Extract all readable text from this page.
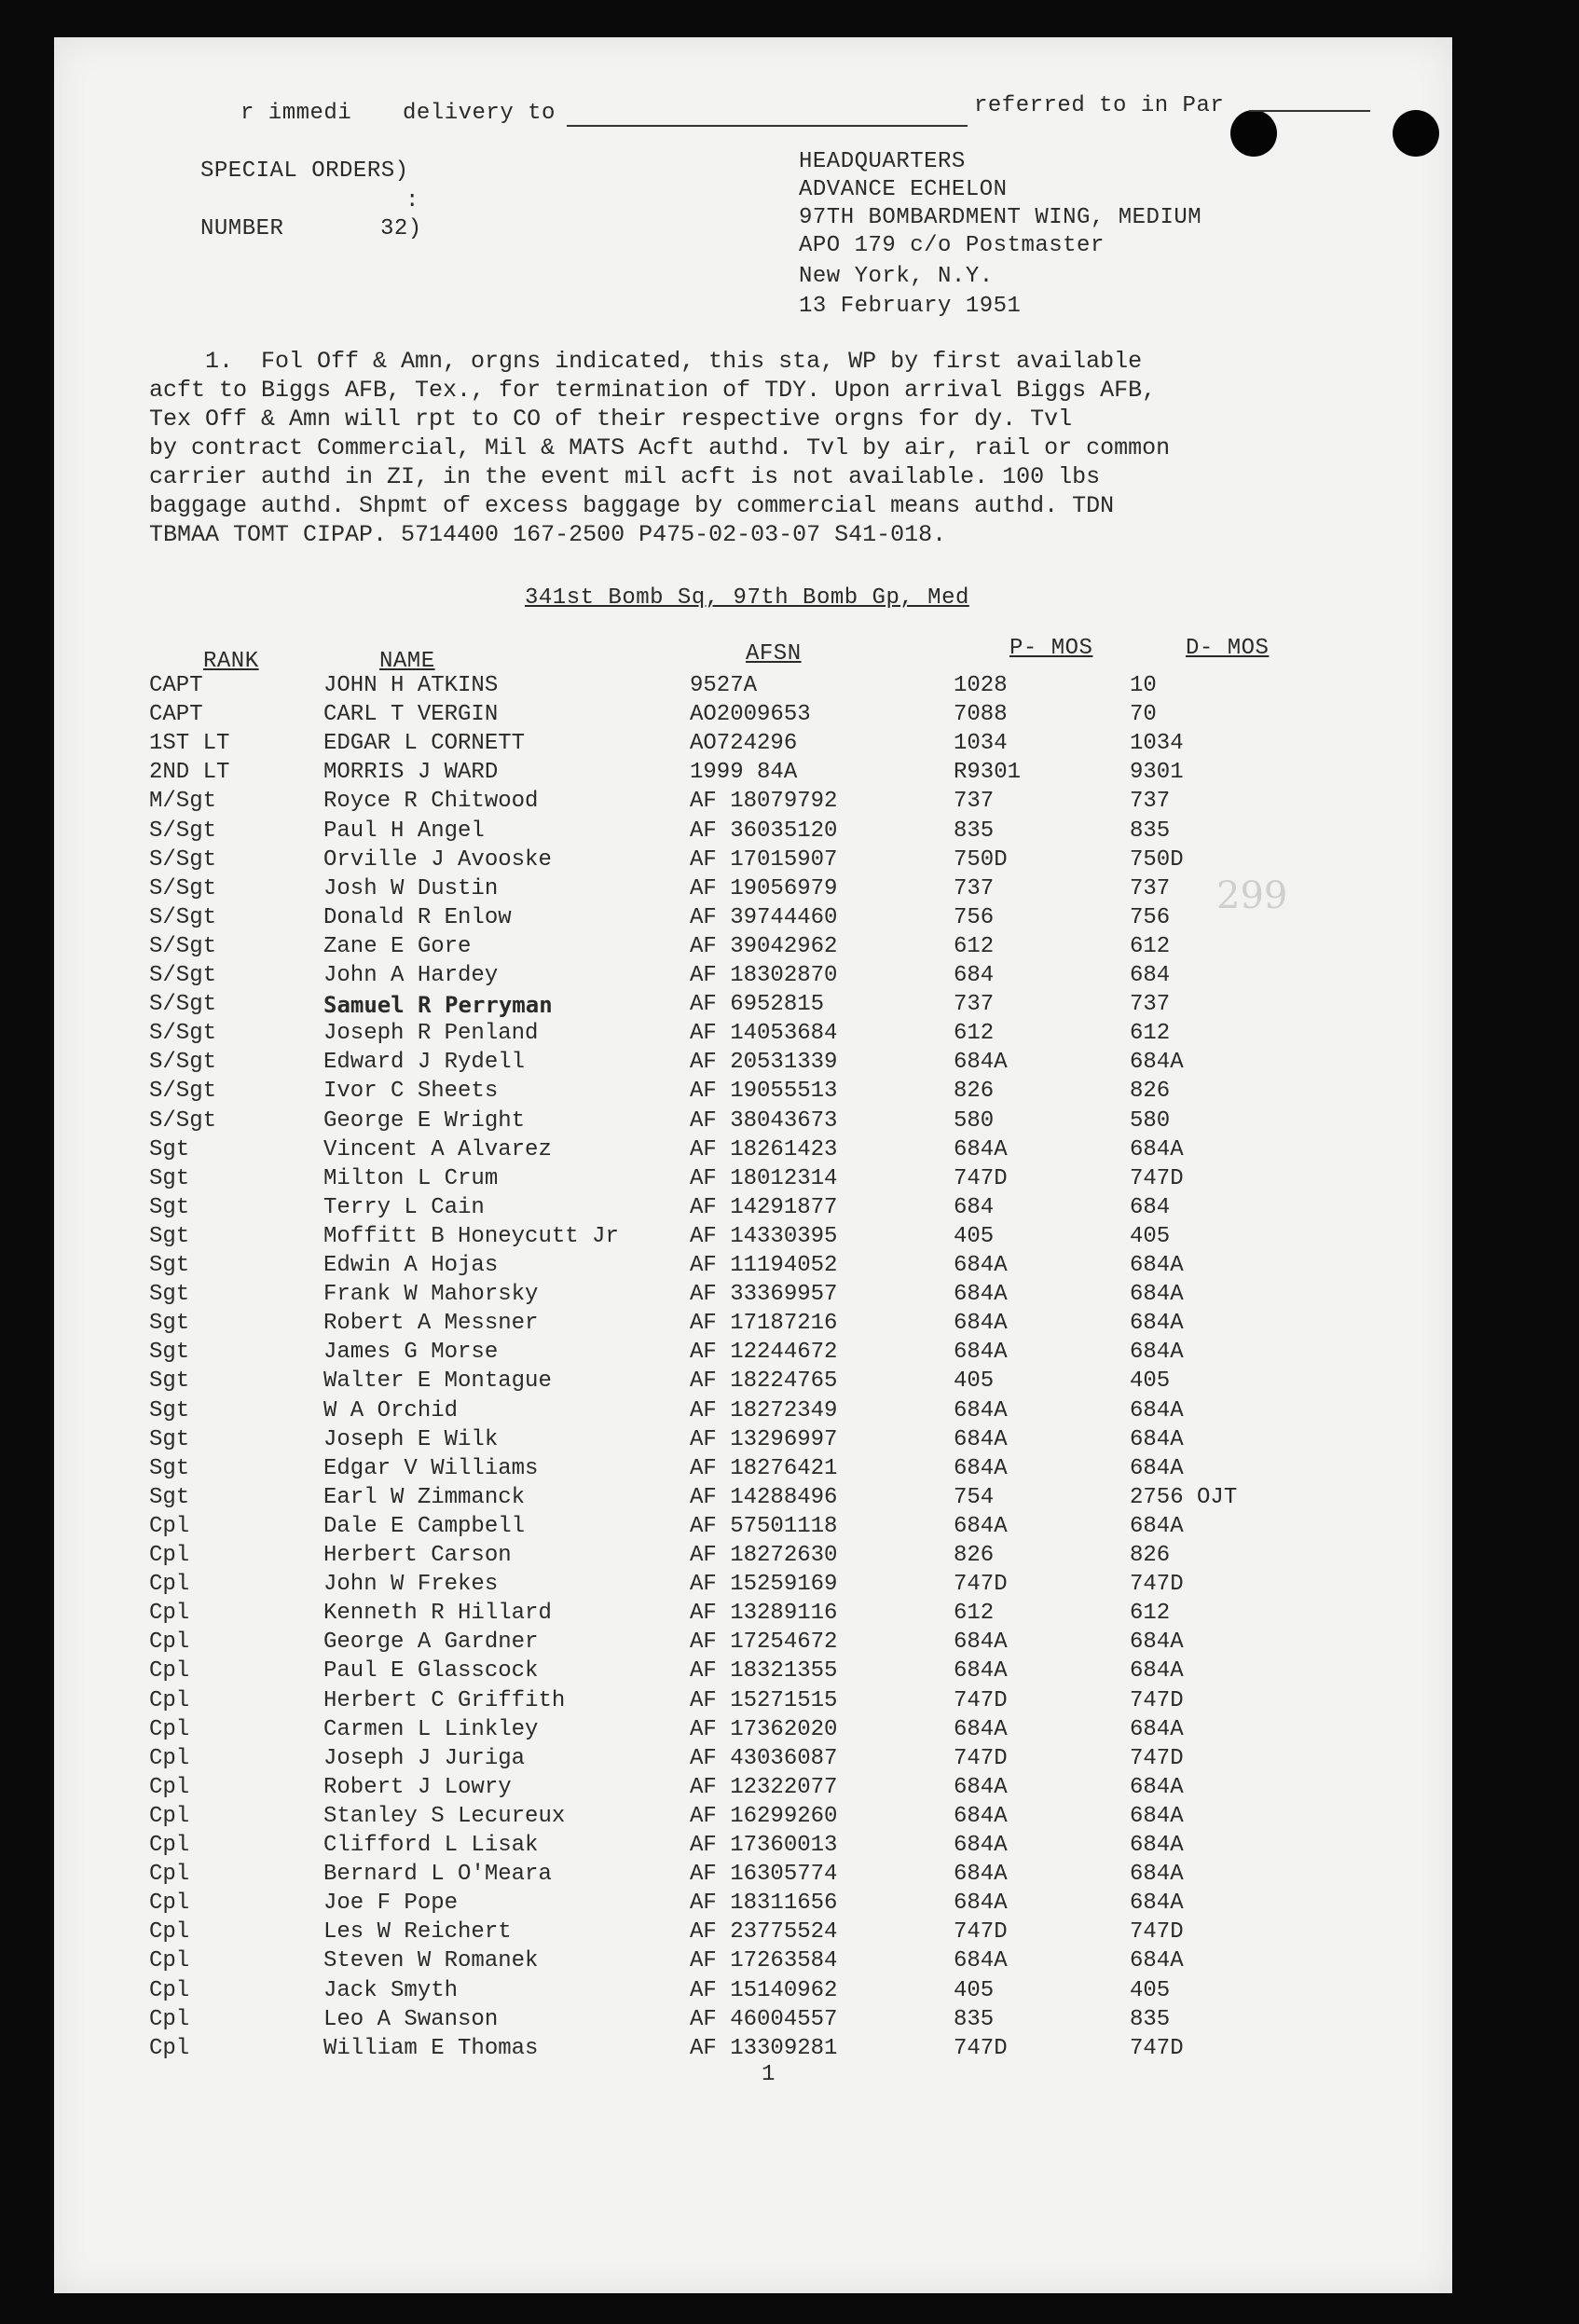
r immedi delivery to	referred to in Par
SPECIAL ORDERS)
:
NUMBER	32)
HEADQUARTERS
ADVANCE ECHELON
97TH BOMBARDMENT WING, MEDIUM
APO 179 c/o Postmaster
New York, N.Y.
13 February 1951
1.  Fol Off & Amn, orgns indicated, this sta, WP by first available
acft to Biggs AFB, Tex., for termination of TDY. Upon arrival Biggs AFB,
Tex Off & Amn will rpt to CO of their respective orgns for dy. Tvl
by contract Commercial, Mil & MATS Acft authd. Tvl by air, rail or common
carrier authd in ZI, in the event mil acft is not available. 100 lbs
baggage authd. Shpmt of excess baggage by commercial means authd. TDN
TBMAA TOMT CIPAP. 5714400 167-2500 P475-02-03-07 S41-018.
341st Bomb Sq, 97th Bomb Gp, Med
RANK	NAME	AFSN	P- MOS	D- MOS
CAPT	JOHN H ATKINS	9527A	1028	10
CAPT	CARL T VERGIN	AO2009653	7088	70
1ST LT	EDGAR L CORNETT	AO724296	1034	1034
2ND LT	MORRIS J WARD	1999 84A	R9301	9301
M/Sgt	Royce R Chitwood	AF 18079792	737	737
S/Sgt	Paul H Angel	AF 36035120	835	835
S/Sgt	Orville J Avooske	AF 17015907	750D	750D
S/Sgt	Josh W Dustin	AF 19056979	737	737
S/Sgt	Donald R Enlow	AF 39744460	756	756
S/Sgt	Zane E Gore	AF 39042962	612	612
S/Sgt	John A Hardey	AF 18302870	684	684
S/Sgt	Samuel R Perryman	AF 6952815	737	737
S/Sgt	Joseph R Penland	AF 14053684	612	612
S/Sgt	Edward J Rydell	AF 20531339	684A	684A
S/Sgt	Ivor C Sheets	AF 19055513	826	826
S/Sgt	George E Wright	AF 38043673	580	580
Sgt	Vincent A Alvarez	AF 18261423	684A	684A
Sgt	Milton L Crum	AF 18012314	747D	747D
Sgt	Terry L Cain	AF 14291877	684	684
Sgt	Moffitt B Honeycutt Jr	AF 14330395	405	405
Sgt	Edwin A Hojas	AF 11194052	684A	684A
Sgt	Frank W Mahorsky	AF 33369957	684A	684A
Sgt	Robert A Messner	AF 17187216	684A	684A
Sgt	James G Morse	AF 12244672	684A	684A
Sgt	Walter E Montague	AF 18224765	405	405
Sgt	W A Orchid	AF 18272349	684A	684A
Sgt	Joseph E Wilk	AF 13296997	684A	684A
Sgt	Edgar V Williams	AF 18276421	684A	684A
Sgt	Earl W Zimmanck	AF 14288496	754	2756 OJT
Cpl	Dale E Campbell	AF 57501118	684A	684A
Cpl	Herbert Carson	AF 18272630	826	826
Cpl	John W Frekes	AF 15259169	747D	747D
Cpl	Kenneth R Hillard	AF 13289116	612	612
Cpl	George A Gardner	AF 17254672	684A	684A
Cpl	Paul E Glasscock	AF 18321355	684A	684A
Cpl	Herbert C Griffith	AF 15271515	747D	747D
Cpl	Carmen L Linkley	AF 17362020	684A	684A
Cpl	Joseph J Juriga	AF 43036087	747D	747D
Cpl	Robert J Lowry	AF 12322077	684A	684A
Cpl	Stanley S Lecureux	AF 16299260	684A	684A
Cpl	Clifford L Lisak	AF 17360013	684A	684A
Cpl	Bernard L O'Meara	AF 16305774	684A	684A
Cpl	Joe F Pope	AF 18311656	684A	684A
Cpl	Les W Reichert	AF 23775524	747D	747D
Cpl	Steven W Romanek	AF 17263584	684A	684A
Cpl	Jack Smyth	AF 15140962	405	405
Cpl	Leo A Swanson	AF 46004557	835	835
Cpl	William E Thomas	AF 13309281	747D	747D
299
1
